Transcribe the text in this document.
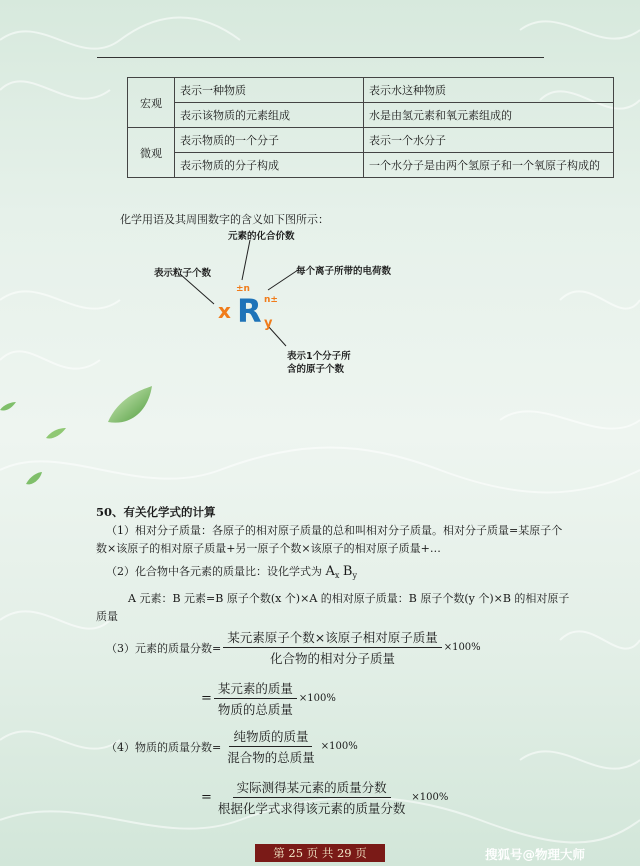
宏观	表示一种物质	表示水这种物质
	表示该物质的元素组成	水是由氢元素和氧元素组成的
微观	表示物质的一个分子	表示一个水分子
	表示物质的分子构成	一个水分子是由两个氢原子和一个氧原子构成的
化学用语及其周围数字的含义如下图所示：
元素的化合价数
表示粒子个数	每个离子所带的电荷数
表示1个分子所
含的原子个数
x R
±n
n±
y
50、有关化学式的计算
（1）相对分子质量：各原子的相对原子质量的总和叫相对分子质量。相对分子质量=某原子个
数×该原子的相对原子质量+另一原子个数×该原子的相对原子质量+…
（2）化合物中各元素的质量比：设化学式为 $A_x$ $B_y$
A 元素：B 元素=B 原子个数(x 个)×A 的相对原子质量：B 原子个数(y 个)×B 的相对原子
质量
（3）元素的质量分数= $\frac{\text{某元素原子个数×该原子相对原子质量}}{\text{化合物的相对分子质量}} \times 100\%$
= $\frac{\text{某元素的质量}}{\text{物质的总质量}} \times 100\%$
（4）物质的质量分数= $\frac{\text{纯物质的质量}}{\text{混合物的总质量}} \times 100\%$
= $\frac{\text{实际测得某元素的质量分数}}{\text{根据化学式求得该元素的质量分数}} \times 100\%$
第 25 页 共 29 页	搜狐号@物理大师
